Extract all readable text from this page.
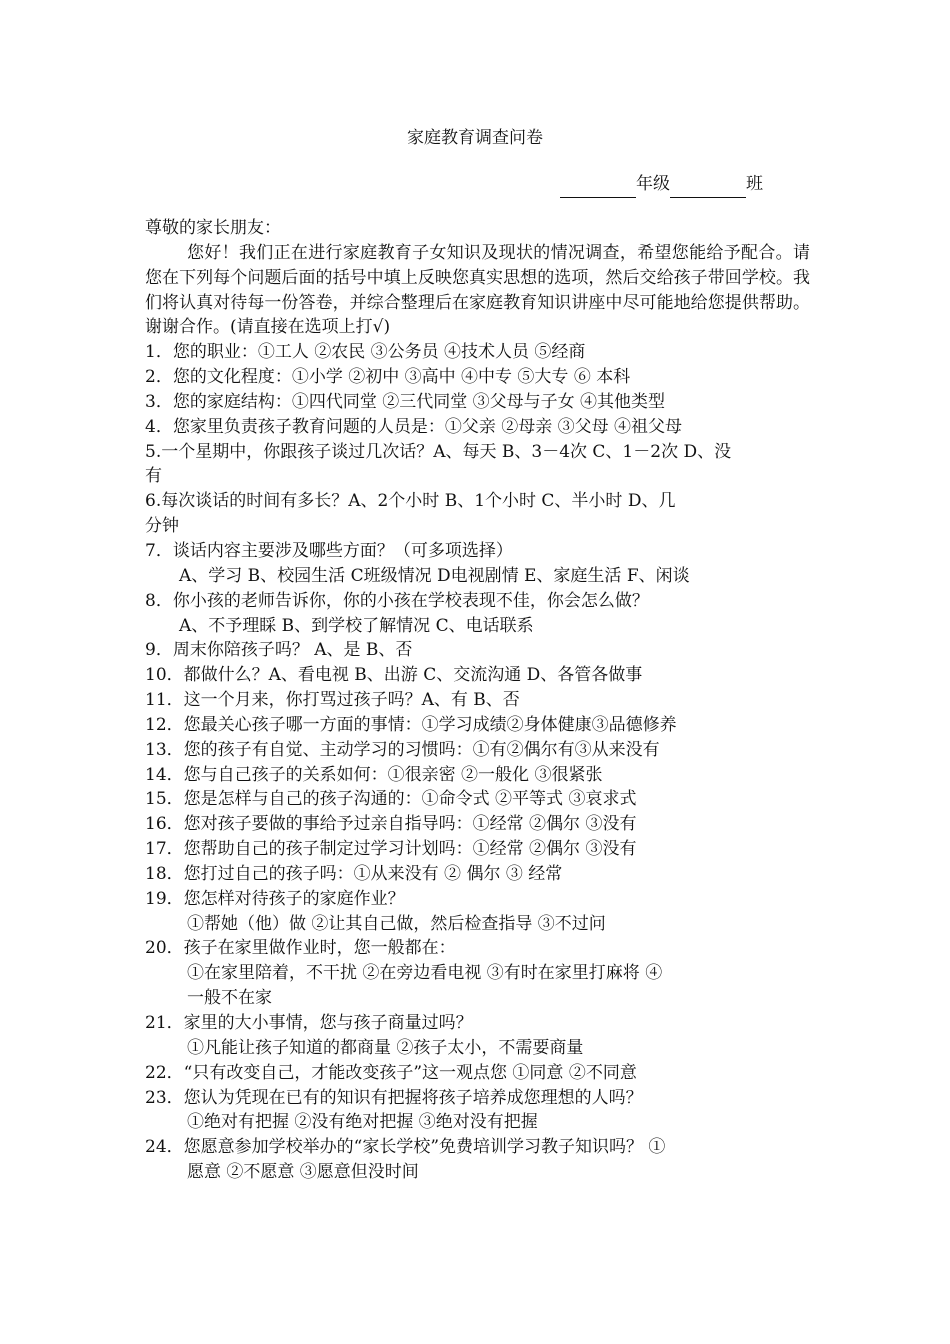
家庭教育调查问卷
年级	班
尊敬的家长朋友：
您好！我们正在进行家庭教育子女知识及现状的情况调查，希望您能给予配合。请您在下列每个问题后面的括号中填上反映您真实思想的选项，然后交给孩子带回学校。我们将认真对待每一份答卷，并综合整理后在家庭教育知识讲座中尽可能地给您提供帮助。谢谢合作。(请直接在选项上打√)
1．您的职业：①工人 ②农民 ③公务员 ④技术人员 ⑤经商
2．您的文化程度：①小学 ②初中 ③高中 ④中专 ⑤大专 ⑥ 本科
3．您的家庭结构：①四代同堂 ②三代同堂 ③父母与子女 ④其他类型
4．您家里负责孩子教育问题的人员是：①父亲 ②母亲 ③父母 ④祖父母
5.一个星期中，你跟孩子谈过几次话？A、每天 B、3－4次 C、1－2次 D、没
有
6.每次谈话的时间有多长？A、2个小时 B、1个小时 C、半小时 D、几
分钟
7．谈话内容主要涉及哪些方面？（可多项选择）
A、学习 B、校园生活 C班级情况 D电视剧情 E、家庭生活 F、闲谈
8．你小孩的老师告诉你，你的小孩在学校表现不佳，你会怎么做？
A、不予理睬 B、到学校了解情况 C、电话联系
9．周末你陪孩子吗？ A、是 B、否
10．都做什么？A、看电视 B、出游 C、交流沟通 D、各管各做事
11．这一个月来，你打骂过孩子吗？A、有 B、否
12．您最关心孩子哪一方面的事情：①学习成绩②身体健康③品德修养
13．您的孩子有自觉、主动学习的习惯吗：①有②偶尔有③从来没有
14．您与自己孩子的关系如何：①很亲密 ②一般化 ③很紧张
15．您是怎样与自己的孩子沟通的：①命令式 ②平等式 ③哀求式
16．您对孩子要做的事给予过亲自指导吗：①经常 ②偶尔 ③没有
17．您帮助自己的孩子制定过学习计划吗：①经常 ②偶尔 ③没有
18．您打过自己的孩子吗：①从来没有 ② 偶尔 ③ 经常
19．您怎样对待孩子的家庭作业？
①帮她（他）做 ②让其自己做，然后检查指导 ③不过问
20．孩子在家里做作业时，您一般都在：
①在家里陪着，不干扰 ②在旁边看电视 ③有时在家里打麻将 ④
一般不在家
21．家里的大小事情，您与孩子商量过吗？
①凡能让孩子知道的都商量 ②孩子太小，不需要商量
22．“只有改变自己，才能改变孩子”这一观点您 ①同意 ②不同意
23．您认为凭现在已有的知识有把握将孩子培养成您理想的人吗？
①绝对有把握 ②没有绝对把握 ③绝对没有把握
24．您愿意参加学校举办的“家长学校”免费培训学习教子知识吗？ ①
愿意 ②不愿意 ③愿意但没时间
